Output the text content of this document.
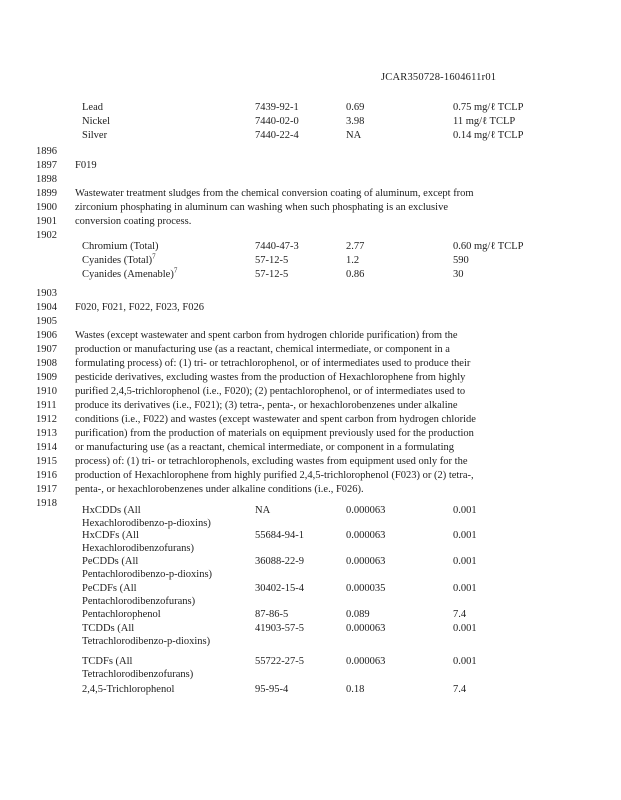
JCAR350728-1604611r01
Lead	7439-92-1	0.69	0.75 mg/ℓ TCLP
Nickel	7440-02-0	3.98	11 mg/ℓ TCLP
Silver	7440-22-4	NA	0.14 mg/ℓ TCLP
1896
1897
1898
1899
1900
1901
1902
1903
1904
1905
1906
1907
1908
1909
1910
1911
1912
1913
1914
1915
1916
1917
1918
F019
Wastewater treatment sludges from the chemical conversion coating of aluminum, except from
zirconium phosphating in aluminum can washing when such phosphating is an exclusive
conversion coating process.
Chromium (Total)	7440-47-3	2.77	0.60 mg/ℓ TCLP
Cyanides (Total)$^7$	57-12-5	1.2	590
Cyanides (Amenable)$^7$	57-12-5	0.86	30
F020, F021, F022, F023, F026
Wastes (except wastewater and spent carbon from hydrogen chloride purification) from the
production or manufacturing use (as a reactant, chemical intermediate, or component in a
formulating process) of: (1) tri- or tetrachlorophenol, or of intermediates used to produce their
pesticide derivatives, excluding wastes from the production of Hexachlorophene from highly
purified 2,4,5-trichlorophenol (i.e., F020); (2) pentachlorophenol, or of intermediates used to
produce its derivatives (i.e., F021); (3) tetra-, penta-, or hexachlorobenzenes under alkaline
conditions (i.e., F022) and wastes (except wastewater and spent carbon from hydrogen chloride
purification) from the production of materials on equipment previously used for the production
or manufacturing use (as a reactant, chemical intermediate, or component in a formulating
process) of: (1) tri- or tetrachlorophenols, excluding wastes from equipment used only for the
production of Hexachlorophene from highly purified 2,4,5-trichlorophenol (F023) or (2) tetra-,
penta-, or hexachlorobenzenes under alkaline conditions (i.e., F026).
HxCDDs (All
Hexachlorodibenzo-p-dioxins)
NA	0.000063	0.001
HxCDFs (All
Hexachlorodibenzofurans)
55684-94-1	0.000063	0.001
PeCDDs (All
Pentachlorodibenzo-p-dioxins)
36088-22-9	0.000063	0.001
PeCDFs (All
Pentachlorodibenzofurans)
30402-15-4	0.000035	0.001
Pentachlorophenol	87-86-5	0.089	7.4
TCDDs (All
Tetrachlorodibenzo-p-dioxins)
41903-57-5	0.000063	0.001
TCDFs (All
Tetrachlorodibenzofurans)
55722-27-5	0.000063	0.001
2,4,5-Trichlorophenol	95-95-4	0.18	7.4
